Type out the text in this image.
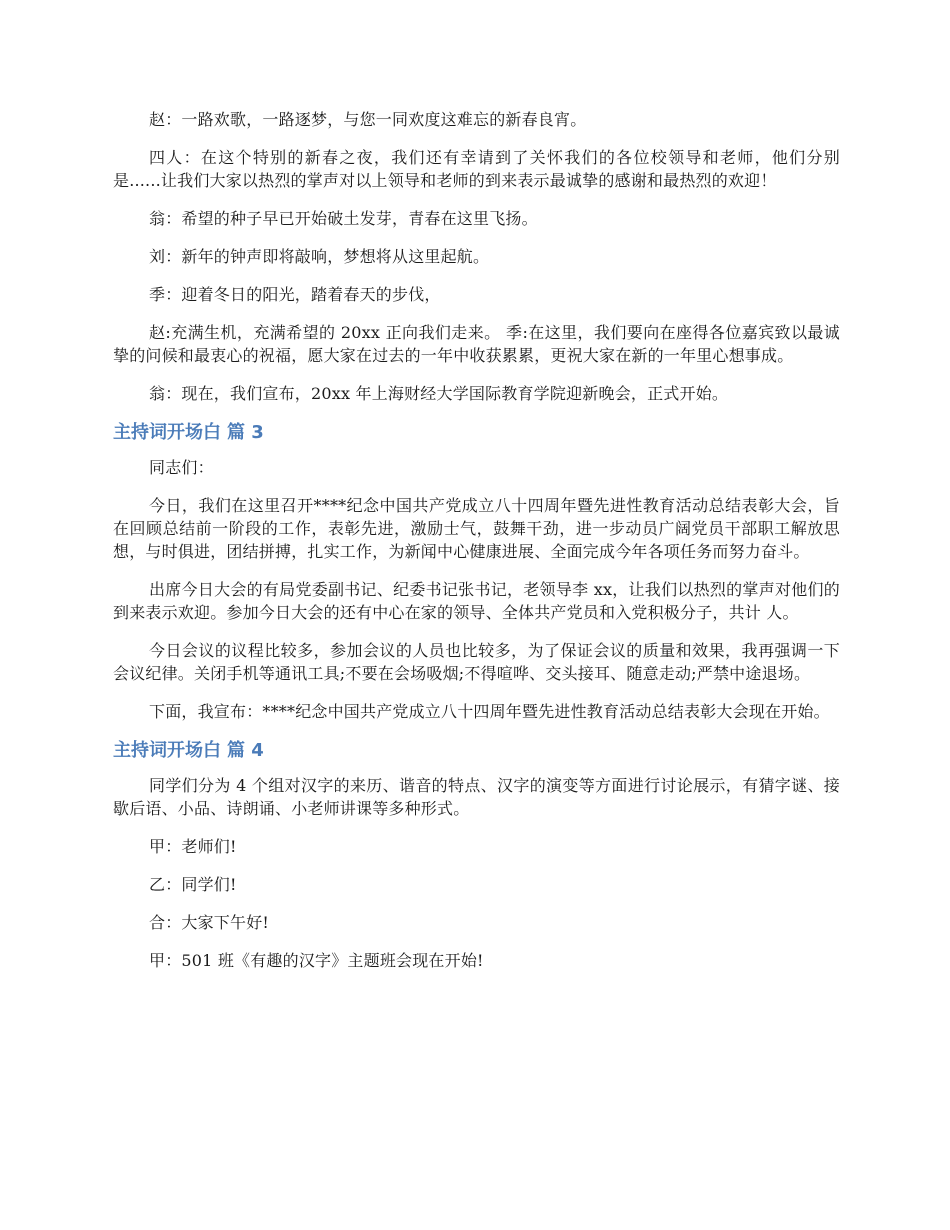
赵：一路欢歌，一路逐梦，与您一同欢度这难忘的新春良宵。

四人：在这个特别的新春之夜，我们还有幸请到了关怀我们的各位校领导和老师，他们分别是......让我们大家以热烈的掌声对以上领导和老师的到来表示最诚挚的感谢和最热烈的欢迎！

翁：希望的种子早已开始破土发芽，青春在这里飞扬。

刘：新年的钟声即将敲响，梦想将从这里起航。

季：迎着冬日的阳光，踏着春天的步伐，

赵:充满生机，充满希望的 20xx 正向我们走来。 季:在这里，我们要向在座得各位嘉宾致以最诚挚的问候和最衷心的祝福，愿大家在过去的一年中收获累累，更祝大家在新的一年里心想事成。

翁：现在，我们宣布，20xx 年上海财经大学国际教育学院迎新晚会，正式开始。

主持词开场白 篇 3

同志们：

今日，我们在这里召开****纪念中国共产党成立八十四周年暨先进性教育活动总结表彰大会，旨在回顾总结前一阶段的工作，表彰先进，激励士气，鼓舞干劲，进一步动员广阔党员干部职工解放思想，与时俱进，团结拼搏，扎实工作，为新闻中心健康进展、全面完成今年各项任务而努力奋斗。

出席今日大会的有局党委副书记、纪委书记张书记，老领导李 xx，让我们以热烈的掌声对他们的到来表示欢迎。参加今日大会的还有中心在家的领导、全体共产党员和入党积极分子，共计 人。

今日会议的议程比较多，参加会议的人员也比较多，为了保证会议的质量和效果，我再强调一下会议纪律。关闭手机等通讯工具;不要在会场吸烟;不得喧哗、交头接耳、随意走动;严禁中途退场。

下面，我宣布：****纪念中国共产党成立八十四周年暨先进性教育活动总结表彰大会现在开始。

主持词开场白 篇 4

同学们分为 4 个组对汉字的来历、谐音的特点、汉字的演变等方面进行讨论展示，有猜字谜、接歇后语、小品、诗朗诵、小老师讲课等多种形式。

甲：老师们!

乙：同学们!

合：大家下午好!

甲：501 班《有趣的汉字》主题班会现在开始!
